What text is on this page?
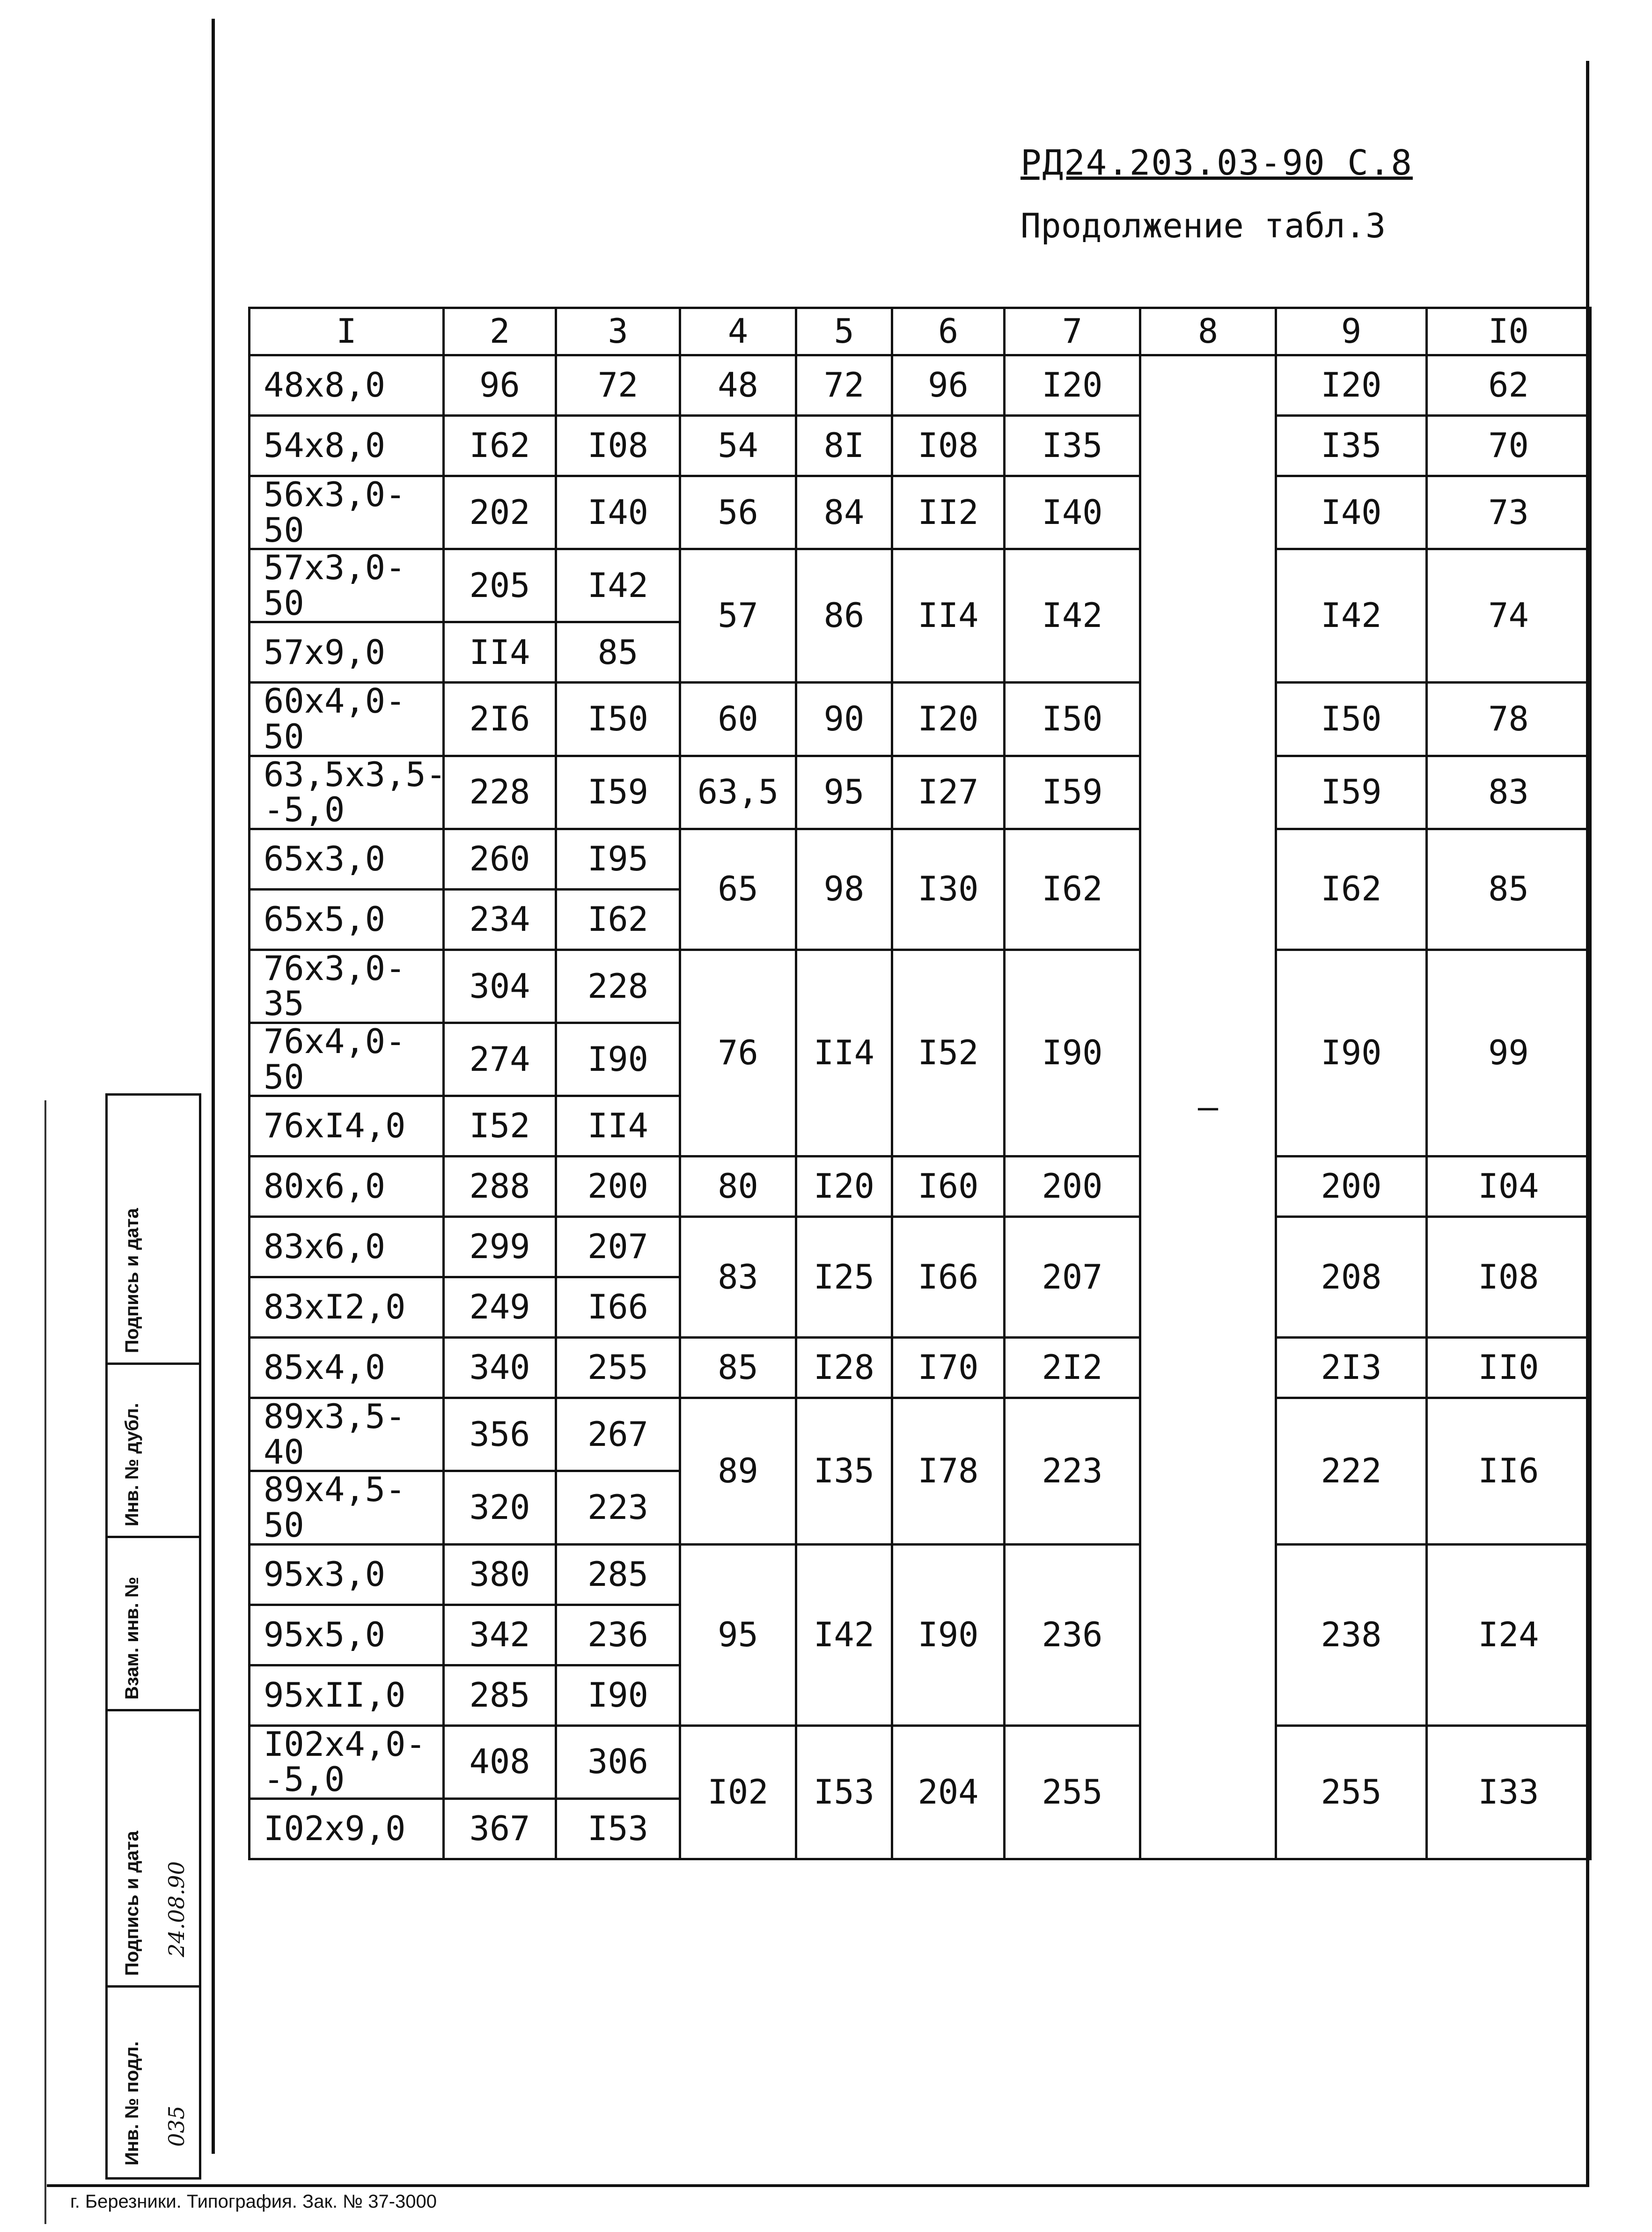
РД24.203.03-90 С.8
Продолжение табл.3
I	2	3	4	5	6	7	8	9	I0
48x8,0	96	72	48	72	96	I20	–	I20	62
54x8,0	I62	I08	54	8I	I08	I35		I35	70
56x3,0-50	202	I40	56	84	II2	I40		I40	73
57x3,0-50	205	I42	57	86	II4	I42		I42	74
57x9,0	II4	85							
60x4,0-50	2I6	I50	60	90	I20	I50		I50	78
63,5x3,5-
-5,0	228	I59	63,5	95	I27	I59		I59	83
65x3,0	260	I95	65	98	I30	I62		I62	85
65x5,0	234	I62							
76x3,0-35	304	228	76	II4	I52	I90		I90	99
76x4,0-50	274	I90							
76xI4,0	I52	II4							
80x6,0	288	200	80	I20	I60	200		200	I04
83x6,0	299	207	83	I25	I66	207		208	I08
83xI2,0	249	I66							
85x4,0	340	255	85	I28	I70	2I2		2I3	II0
89x3,5-40	356	267	89	I35	I78	223		222	II6
89x4,5-50	320	223							
95x3,0	380	285	95	I42	I90	236		238	I24
95x5,0	342	236							
95xII,0	285	I90							
I02x4,0-
-5,0	408	306	I02	I53	204	255		255	I33
I02x9,0	367	I53							
Подпись и дата
Инв. № дубл.
Взам. инв. №
Подпись и дата 24.08.90
Инв. № подл. 035
г. Березники. Типография. Зак. № 37-3000
